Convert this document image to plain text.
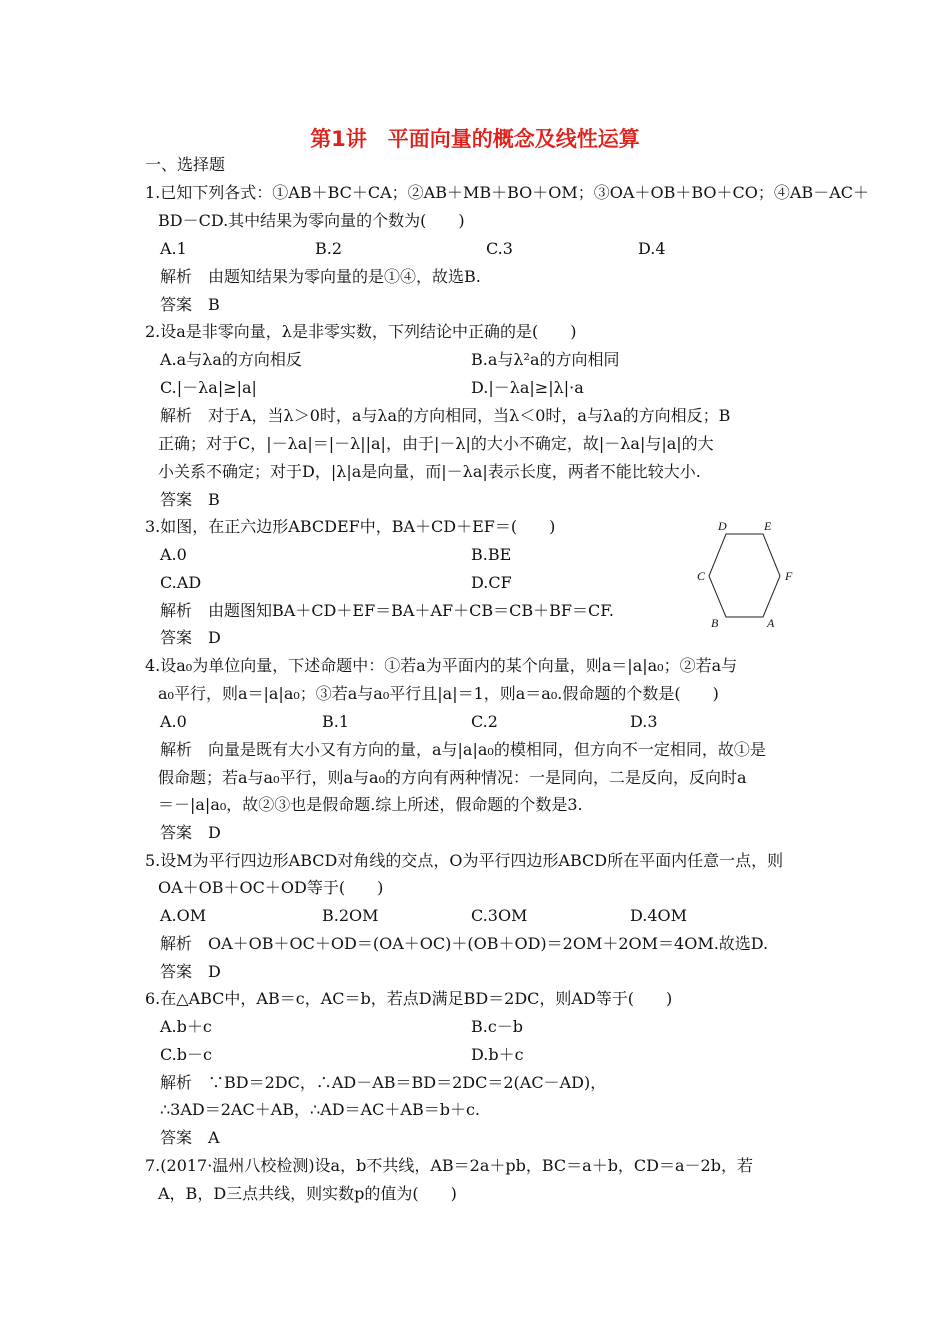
第1讲　平面向量的概念及线性运算
一、选择题
1.已知下列各式：①AB＋BC＋CA；②AB＋MB＋BO＋OM；③OA＋OB＋BO＋CO；④AB－AC＋
BD－CD.其中结果为零向量的个数为(　　)
A.1	B.2	C.3	D.4
解析　由题知结果为零向量的是①④，故选B.
答案　B
2.设a是非零向量，λ是非零实数，下列结论中正确的是(　　)
A.a与λa的方向相反	B.a与λ²a的方向相同
C.|－λa|≥|a|	D.|－λa|≥|λ|·a
解析　对于A，当λ＞0时，a与λa的方向相同，当λ＜0时，a与λa的方向相反；B
正确；对于C，|－λa|＝|－λ||a|，由于|－λ|的大小不确定，故|－λa|与|a|的大
小关系不确定；对于D，|λ|a是向量，而|－λa|表示长度，两者不能比较大小.
答案　B
3.如图，在正六边形ABCDEF中，BA＋CD＋EF＝(　　)
A.0	B.BE
C.AD	D.CF
解析　由题图知BA＋CD＋EF＝BA＋AF＋CB＝CB＋BF＝CF.
答案　D
D	E
F
A
B
C
4.设a₀为单位向量，下述命题中：①若a为平面内的某个向量，则a＝|a|a₀；②若a与
a₀平行，则a＝|a|a₀；③若a与a₀平行且|a|＝1，则a＝a₀.假命题的个数是(　　)
A.0	B.1	C.2	D.3
解析　向量是既有大小又有方向的量，a与|a|a₀的模相同，但方向不一定相同，故①是
假命题；若a与a₀平行，则a与a₀的方向有两种情况：一是同向，二是反向，反向时a
＝－|a|a₀，故②③也是假命题.综上所述，假命题的个数是3.
答案　D
5.设M为平行四边形ABCD对角线的交点，O为平行四边形ABCD所在平面内任意一点，则
OA＋OB＋OC＋OD等于(　　)
A.OM	B.2OM	C.3OM	D.4OM
解析　OA＋OB＋OC＋OD＝(OA＋OC)＋(OB＋OD)＝2OM＋2OM＝4OM.故选D.
答案　D
6.在△ABC中，AB＝c，AC＝b，若点D满足BD＝2DC，则AD等于(　　)
A.b＋c	B.c－b
C.b－c	D.b＋c
解析　∵BD＝2DC，∴AD－AB＝BD＝2DC＝2(AC－AD)，
∴3AD＝2AC＋AB，∴AD＝AC＋AB＝b＋c.
答案　A
7.(2017·温州八校检测)设a，b不共线，AB＝2a＋pb，BC＝a＋b，CD＝a－2b，若
A，B，D三点共线，则实数p的值为(　　)
